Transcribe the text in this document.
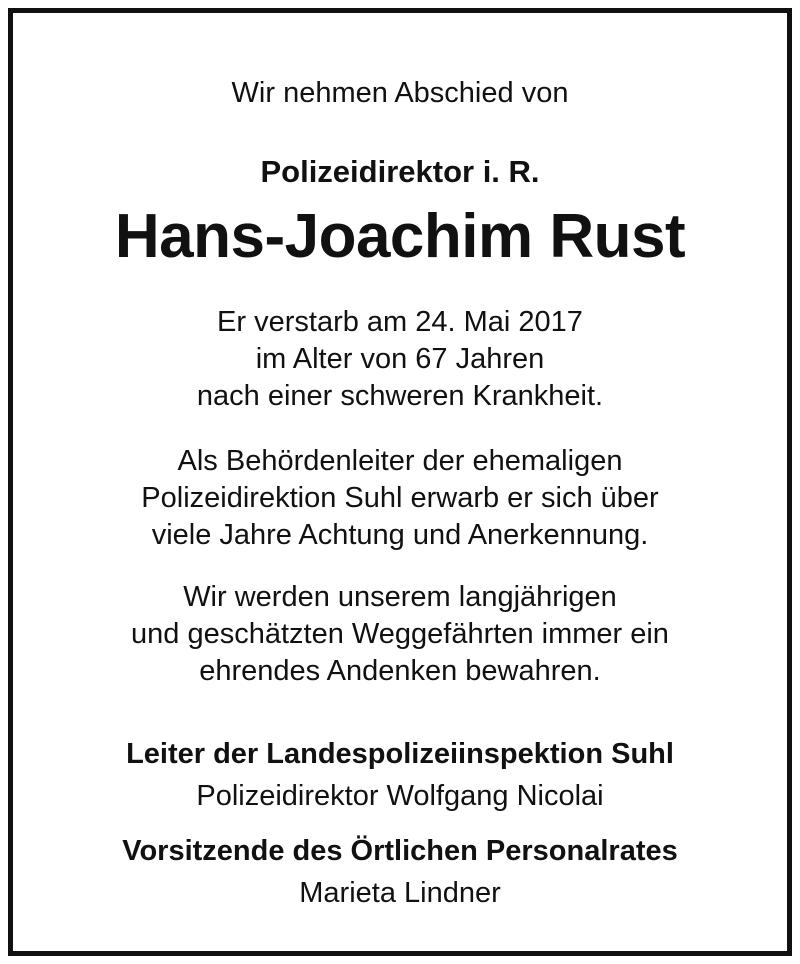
Wir nehmen Abschied von
Polizeidirektor i. R.
Hans-Joachim Rust
Er verstarb am 24. Mai 2017
im Alter von 67 Jahren
nach einer schweren Krankheit.
Als Behördenleiter der ehemaligen
Polizeidirektion Suhl erwarb er sich über
viele Jahre Achtung und Anerkennung.
Wir werden unserem langjährigen
und geschätzten Weggefährten immer ein
ehrendes Andenken bewahren.
Leiter der Landespolizeiinspektion Suhl
Polizeidirektor Wolfgang Nicolai
Vorsitzende des Örtlichen Personalrates
Marieta Lindner
